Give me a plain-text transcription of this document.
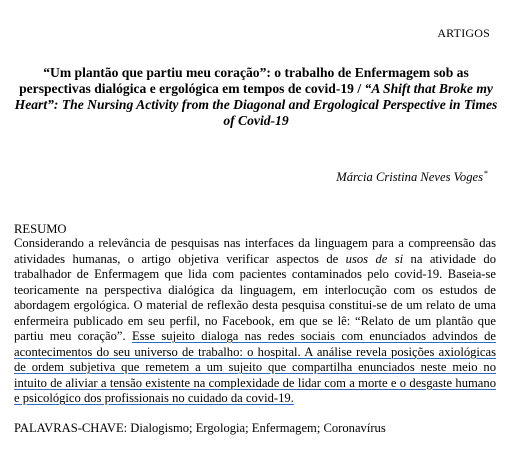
ARTIGOS
“Um plantão que partiu meu coração”: o trabalho de Enfermagem sob as perspectivas dialógica e ergológica em tempos de covid-19 / “A Shift that Broke my Heart”: The Nursing Activity from the Diagonal and Ergological Perspective in Times of Covid-19
Márcia Cristina Neves Voges*
RESUMO
Considerando a relevância de pesquisas nas interfaces da linguagem para a compreensão das atividades humanas, o artigo objetiva verificar aspectos de usos de si na atividade do trabalhador de Enfermagem que lida com pacientes contaminados pelo covid-19. Baseia-se teoricamente na perspectiva dialógica da linguagem, em interlocução com os estudos de abordagem ergológica. O material de reflexão desta pesquisa constitui-se de um relato de uma enfermeira publicado em seu perfil, no Facebook, em que se lê: “Relato de um plantão que partiu meu coração”. Esse sujeito dialoga nas redes sociais com enunciados advindos de acontecimentos do seu universo de trabalho: o hospital. A análise revela posições axiológicas de ordem subjetiva que remetem a um sujeito que compartilha enunciados neste meio no intuito de aliviar a tensão existente na complexidade de lidar com a morte e o desgaste humano e psicológico dos profissionais no cuidado da covid-19.
PALAVRAS-CHAVE: Dialogismo; Ergologia; Enfermagem; Coronavírus
